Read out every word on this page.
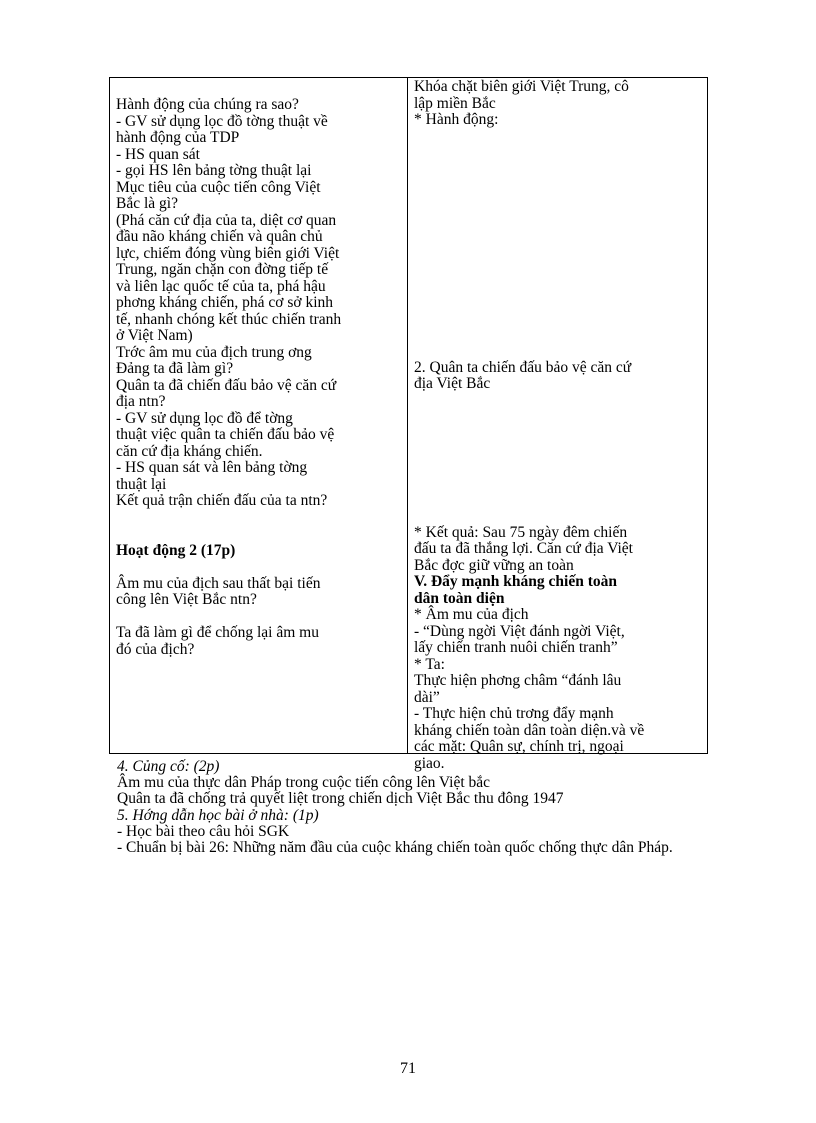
Hành động của chúng ra sao?

- GV sử dụng lọc đồ tờng thuật về

hành động của TDP

- HS quan sát

- gọi HS lên bảng tờng thuật lại

Mục tiêu của cuộc tiến công Việt

Bắc là gì?

(Phá căn cứ địa của ta, diệt cơ quan

đầu não kháng chiến và quân chủ

lực, chiếm đóng vùng biên giới Việt

Trung, ngăn chặn con đờng tiếp tế

và liên lạc quốc tế của ta, phá hậu

phơng kháng chiến, phá cơ sở kinh

tế, nhanh chóng kết thúc chiến tranh

ở Việt Nam)

Trớc âm mu của địch trung ơng

Đảng ta đã làm gì?

Quân ta đã chiến đấu bảo vệ căn cứ

địa ntn?

- GV sử dụng lọc đồ để tờng

thuật việc quân ta chiến đấu bảo vệ

căn cứ địa kháng chiến.

- HS quan sát và lên bảng tờng

thuật lại

Kết quả trận chiến đấu của ta ntn?

Hoạt động 2 (17p)

Âm mu của địch sau thất bại tiến

công lên Việt Bắc ntn?

Ta đã làm gì để chống lại âm mu

đó của địch?

Khóa chặt biên giới Việt Trung, cô

lập miền Bắc

* Hành động:

2. Quân ta chiến đấu bảo vệ căn cứ

địa Việt Bắc

* Kết quả: Sau 75 ngày đêm chiến

đấu ta đã thắng lợi. Căn cứ địa Việt

Bắc đợc giữ vững an toàn

V. Đẩy mạnh kháng chiến toàn

dân toàn diện

* Âm mu của địch

- “Dùng ngời Việt đánh ngời Việt,

lấy chiến tranh nuôi chiến tranh”

* Ta:

Thực hiện phơng châm “đánh lâu

dài”

- Thực hiện chủ trơng đẩy mạnh

kháng chiến toàn dân toàn diện.và về

các mặt: Quân sự, chính trị, ngoại

giao.

4. Củng cố: (2p)

Âm mu của thực dân Pháp trong cuộc tiến công lên Việt bắc

Quân ta đã chống trả quyết liệt trong chiến dịch Việt Bắc thu đông 1947

5. Hớng dẫn học bài ở nhà: (1p)

- Học bài theo câu hỏi SGK

- Chuẩn bị bài 26: Những năm đầu của cuộc kháng chiến toàn quốc chống thực dân Pháp.

71
